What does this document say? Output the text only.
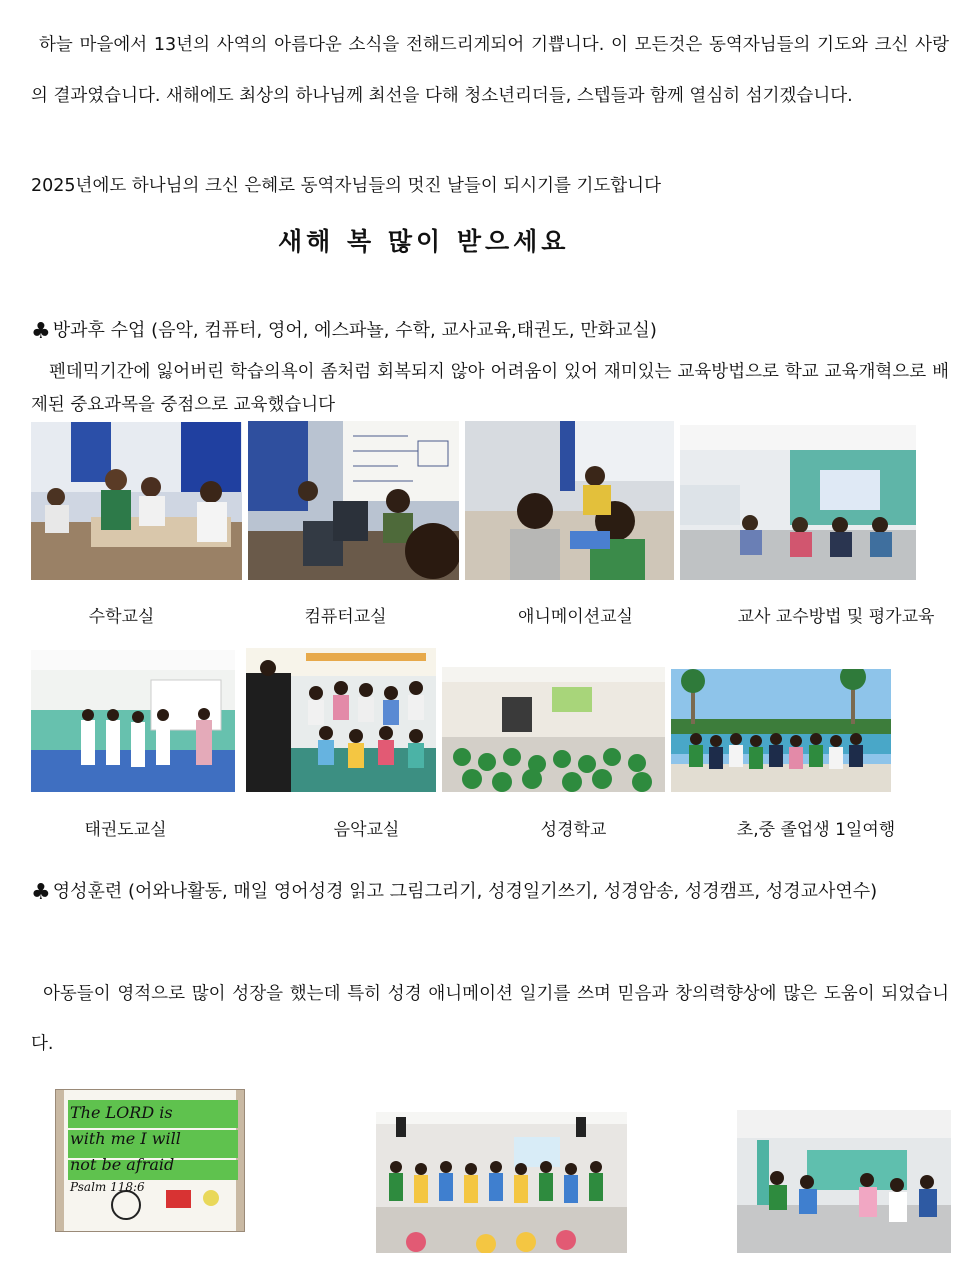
하늘 마을에서 13년의 사역의 아름다운 소식을 전해드리게되어 기쁩니다. 이 모든것은 동역자님들의 기도와 크신 사랑의 결과였습니다. 새해에도 최상의 하나님께 최선을 다해 청소년리더들, 스텝들과 함께 열심히 섬기겠습니다.

2025년에도 하나님의 크신 은혜로 동역자님들의 멋진 날들이 되시기를 기도합니다

새해 복 많이 받으세요
♣ 방과후 수업 (음악, 컴퓨터, 영어, 에스파뇰, 수학, 교사교육,태권도, 만화교실)

펜데믹기간에 잃어버린 학습의욕이 좀처럼 회복되지 않아 어려움이 있어 재미있는 교육방법으로 학교 교육개혁으로 배제된 중요과목을 중점으로 교육했습니다

수학교실	컴퓨터교실	애니메이션교실	교사 교수방법 및 평가교육
태권도교실	음악교실	성경학교	초,중 졸업생 1일여행

♣ 영성훈련 (어와나활동, 매일 영어성경 읽고 그림그리기, 성경일기쓰기, 성경암송, 성경캠프, 성경교사연수)

아동들이 영적으로 많이 성장을 했는데 특히 성경 애니메이션 일기를 쓰며 믿음과 창의력향상에 많은 도움이 되었습니다.

The LORD is
with me I will
not be afraid
Psalm 118:6
